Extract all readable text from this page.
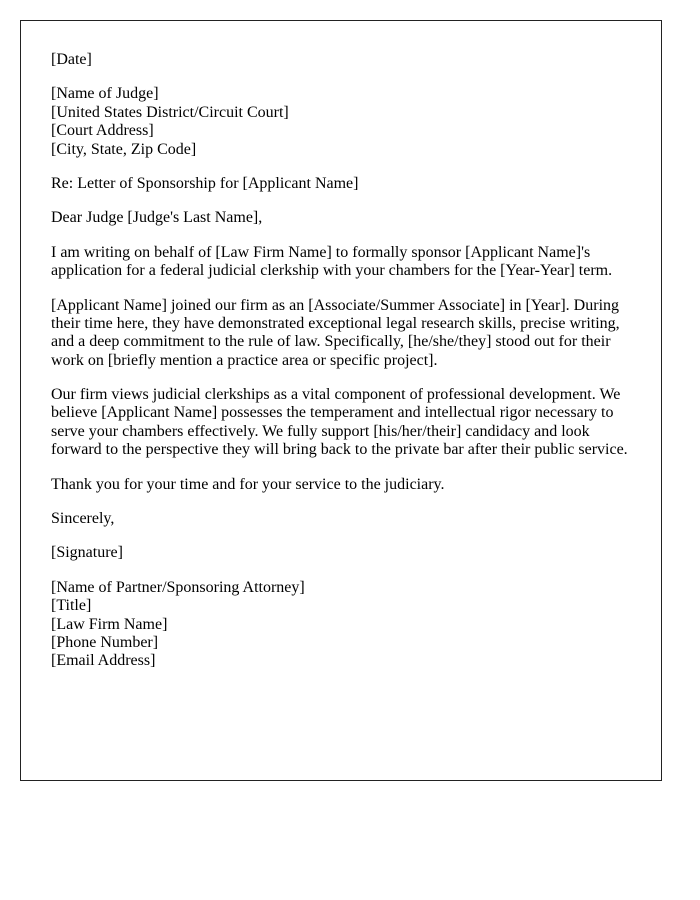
[Date]

[Name of Judge]
[United States District/Circuit Court]
[Court Address]
[City, State, Zip Code]

Re: Letter of Sponsorship for [Applicant Name]

Dear Judge [Judge's Last Name],

I am writing on behalf of [Law Firm Name] to formally sponsor [Applicant Name]'s application for a federal judicial clerkship with your chambers for the [Year-Year] term.

[Applicant Name] joined our firm as an [Associate/Summer Associate] in [Year]. During their time here, they have demonstrated exceptional legal research skills, precise writing, and a deep commitment to the rule of law. Specifically, [he/she/they] stood out for their work on [briefly mention a practice area or specific project].

Our firm views judicial clerkships as a vital component of professional development. We believe [Applicant Name] possesses the temperament and intellectual rigor necessary to serve your chambers effectively. We fully support [his/her/their] candidacy and look forward to the perspective they will bring back to the private bar after their public service.

Thank you for your time and for your service to the judiciary.

Sincerely,

[Signature]

[Name of Partner/Sponsoring Attorney]
[Title]
[Law Firm Name]
[Phone Number]
[Email Address]
